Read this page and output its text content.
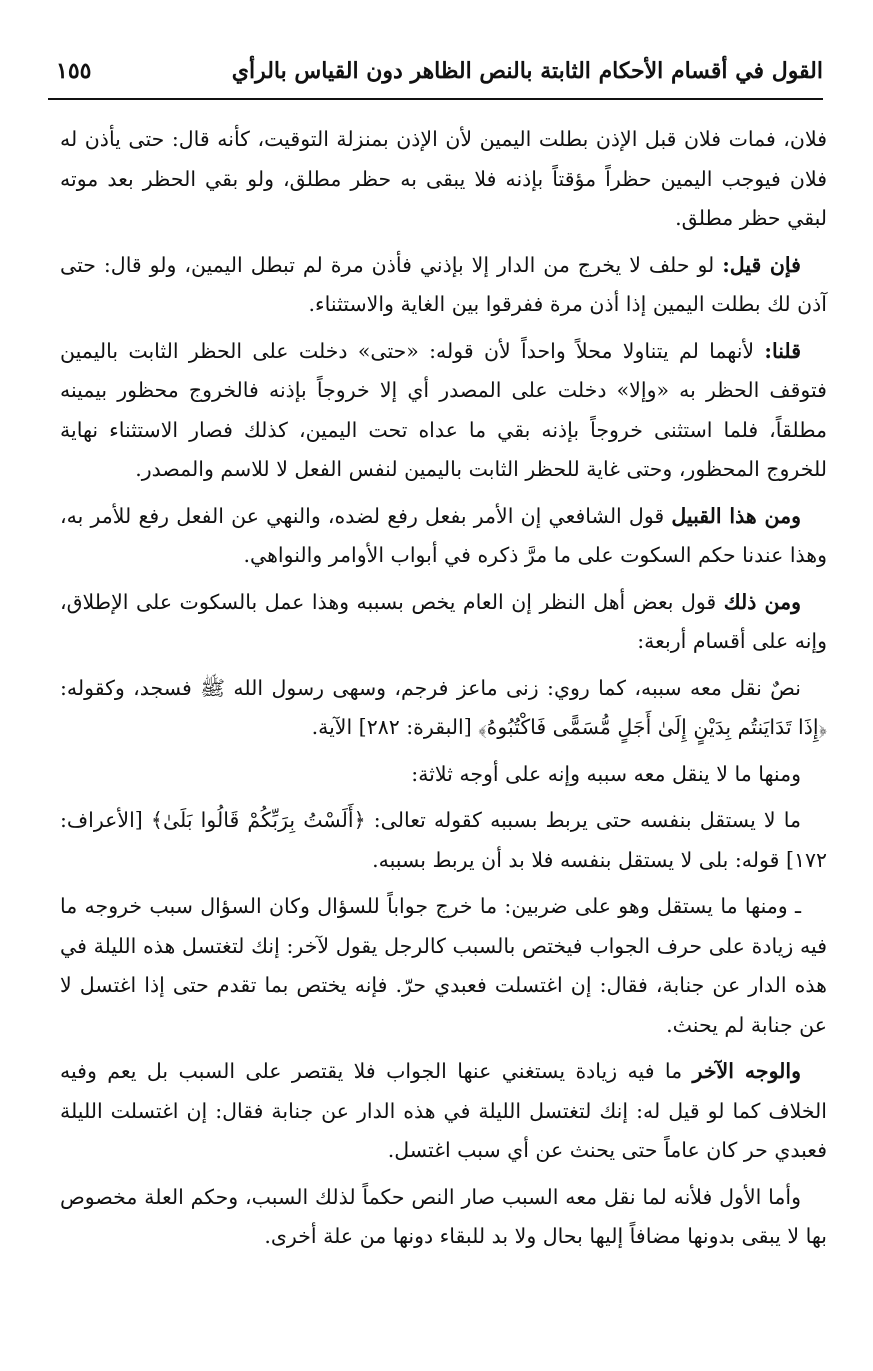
القول في أقسام الأحكام الثابتة بالنص الظاهر دون القياس بالرأي
١٥٥

فلان، فمات فلان قبل الإذن بطلت اليمين لأن الإذن بمنزلة التوقيت، كأنه قال: حتى يأذن له فلان فيوجب اليمين حظراً مؤقتاً بإذنه فلا يبقى به حظر مطلق، ولو بقي الحظر بعد موته لبقي حظر مطلق.

فإن قيل: لو حلف لا يخرج من الدار إلا بإذني فأذن مرة لم تبطل اليمين، ولو قال: حتى آذن لك بطلت اليمين إذا أذن مرة ففرقوا بين الغاية والاستثناء.

قلنا: لأنهما لم يتناولا محلاً واحداً لأن قوله: «حتى» دخلت على الحظر الثابت باليمين فتوقف الحظر به «وإلا» دخلت على المصدر أي إلا خروجاً بإذنه فالخروج محظور بيمينه مطلقاً، فلما استثنى خروجاً بإذنه بقي ما عداه تحت اليمين، كذلك فصار الاستثناء نهاية للخروج المحظور، وحتى غاية للحظر الثابت باليمين لنفس الفعل لا للاسم والمصدر.

ومن هذا القبيل قول الشافعي إن الأمر بفعل رفع لضده، والنهي عن الفعل رفع للأمر به، وهذا عندنا حكم السكوت على ما مرَّ ذكره في أبواب الأوامر والنواهي.

ومن ذلك قول بعض أهل النظر إن العام يخص بسببه وهذا عمل بالسكوت على الإطلاق، وإنه على أقسام أربعة:

نصٌ نقل معه سببه، كما روي: زنى ماعز فرجم، وسهى رسول الله ﷺ فسجد، وكقوله: ﴿إِذَا تَدَايَنتُم بِدَيْنٍ إِلَىٰ أَجَلٍ مُّسَمًّى فَاكْتُبُوهُ﴾ [البقرة: ٢٨٢] الآية.

ومنها ما لا ينقل معه سببه وإنه على أوجه ثلاثة:

ما لا يستقل بنفسه حتى يربط بسببه كقوله تعالى: ﴿أَلَسْتُ بِرَبِّكُمْ قَالُوا بَلَىٰ﴾ [الأعراف: ١٧٢] قوله: بلى لا يستقل بنفسه فلا بد أن يربط بسببه.

ـ ومنها ما يستقل وهو على ضربين: ما خرج جواباً للسؤال وكان السؤال سبب خروجه ما فيه زيادة على حرف الجواب فيختص بالسبب كالرجل يقول لآخر: إنك لتغتسل هذه الليلة في هذه الدار عن جنابة، فقال: إن اغتسلت فعبدي حرّ. فإنه يختص بما تقدم حتى إذا اغتسل لا عن جنابة لم يحنث.

والوجه الآخر ما فيه زيادة يستغني عنها الجواب فلا يقتصر على السبب بل يعم وفيه الخلاف كما لو قيل له: إنك لتغتسل الليلة في هذه الدار عن جنابة فقال: إن اغتسلت الليلة فعبدي حر كان عاماً حتى يحنث عن أي سبب اغتسل.

وأما الأول فلأنه لما نقل معه السبب صار النص حكماً لذلك السبب، وحكم العلة مخصوص بها لا يبقى بدونها مضافاً إليها بحال ولا بد للبقاء دونها من علة أخرى.
